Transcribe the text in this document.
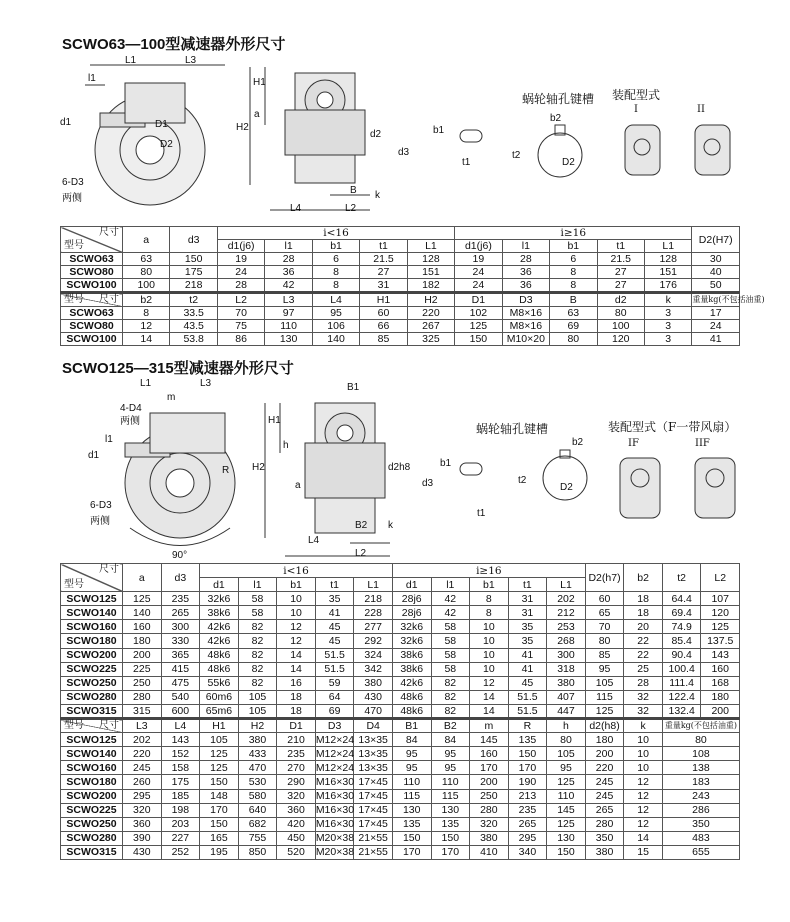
SCWO63—100型减速器外形尺寸
L1	L3
l1
d1	D1
D2
6-D3
两侧
H1
H2
a
d3
d2
B
L2
L4
k
b2
t2
D2
b1
t1
蜗轮轴孔键槽 装配型式
I	II
尺寸
型号	a	d3	i<16					i≥16					D2(H7)
			d1(j6)	l1	b1	t1	L1	d1(j6)	l1	b1	t1	L1	
SCWO63	63	150	19	28	6	21.5	128	19	28	6	21.5	128	30
SCWO80	80	175	24	36	8	27	151	24	36	8	27	151	40
SCWO100	100	218	28	42	8	31	182	24	36	8	27	176	50

尺寸
型号	b2	t2	L2	L3	L4	H1	H2	D1	D3	B	d2	k	重量kg(不包括油重)
SCWO63	8	33.5	70	97	95	60	220	102	M8×16	63	80	3	17
SCWO80	12	43.5	75	110	106	66	267	125	M8×16	69	100	3	24
SCWO100	14	53.8	86	130	140	85	325	150	M10×20	80	120	3	41
SCWO125—315型减速器外形尺寸
L1	L3
m
4-D4
两侧
l1
d1
R
6-D3
两侧
90°
B1
H1
H2
h
d2h8
d3
a
B2
L4
L2
k
b2
b1
t2
D2
t1
蜗轮轴孔键槽	装配型式（F一带风扇）
IF	IIF
尺寸
型号	a	d3	i<16					i≥16					D2(h7)	b2	t2	L2
			d1	l1	b1	t1	L1	d1	l1	b1	t1	L1				
SCWO125	125	235	32k6	58	10	35	218	28j6	42	8	31	202	60	18	64.4	107
SCWO140	140	265	38k6	58	10	41	228	28j6	42	8	31	212	65	18	69.4	120
SCWO160	160	300	42k6	82	12	45	277	32k6	58	10	35	253	70	20	74.9	125
SCWO180	180	330	42k6	82	12	45	292	32k6	58	10	35	268	80	22	85.4	137.5
SCWO200	200	365	48k6	82	14	51.5	324	38k6	58	10	41	300	85	22	90.4	143
SCWO225	225	415	48k6	82	14	51.5	342	38k6	58	10	41	318	95	25	100.4	160
SCWO250	250	475	55k6	82	16	59	380	42k6	82	12	45	380	105	28	111.4	168
SCWO280	280	540	60m6	105	18	64	430	48k6	82	14	51.5	407	115	32	122.4	180
SCWO315	315	600	65m6	105	18	69	470	48k6	82	14	51.5	447	125	32	132.4	200

尺寸
型号	L3	L4	H1	H2	D1	D3	D4	B1	B2	m	R	h	d2(h8)	k	重量kg(不包括油重)	
SCWO125	202	143	105	380	210	M12×24	13×35	84	84	145	135	80	180	10	80	
SCWO140	220	152	125	433	235	M12×24	13×35	95	95	160	150	105	200	10	108	
SCWO160	245	158	125	470	270	M12×24	13×35	95	95	170	170	95	220	10	138	
SCWO180	260	175	150	530	290	M16×30	17×45	110	110	200	190	125	245	12	183	
SCWO200	295	185	148	580	320	M16×30	17×45	115	115	250	213	110	245	12	243	
SCWO225	320	198	170	640	360	M16×30	17×45	130	130	280	235	145	265	12	286	
SCWO250	360	203	150	682	420	M16×30	17×45	135	135	320	265	125	280	12	350	
SCWO280	390	227	165	755	450	M20×38	21×55	150	150	380	295	130	350	14	483	
SCWO315	430	252	195	850	520	M20×38	21×55	170	170	410	340	150	380	15	655	
